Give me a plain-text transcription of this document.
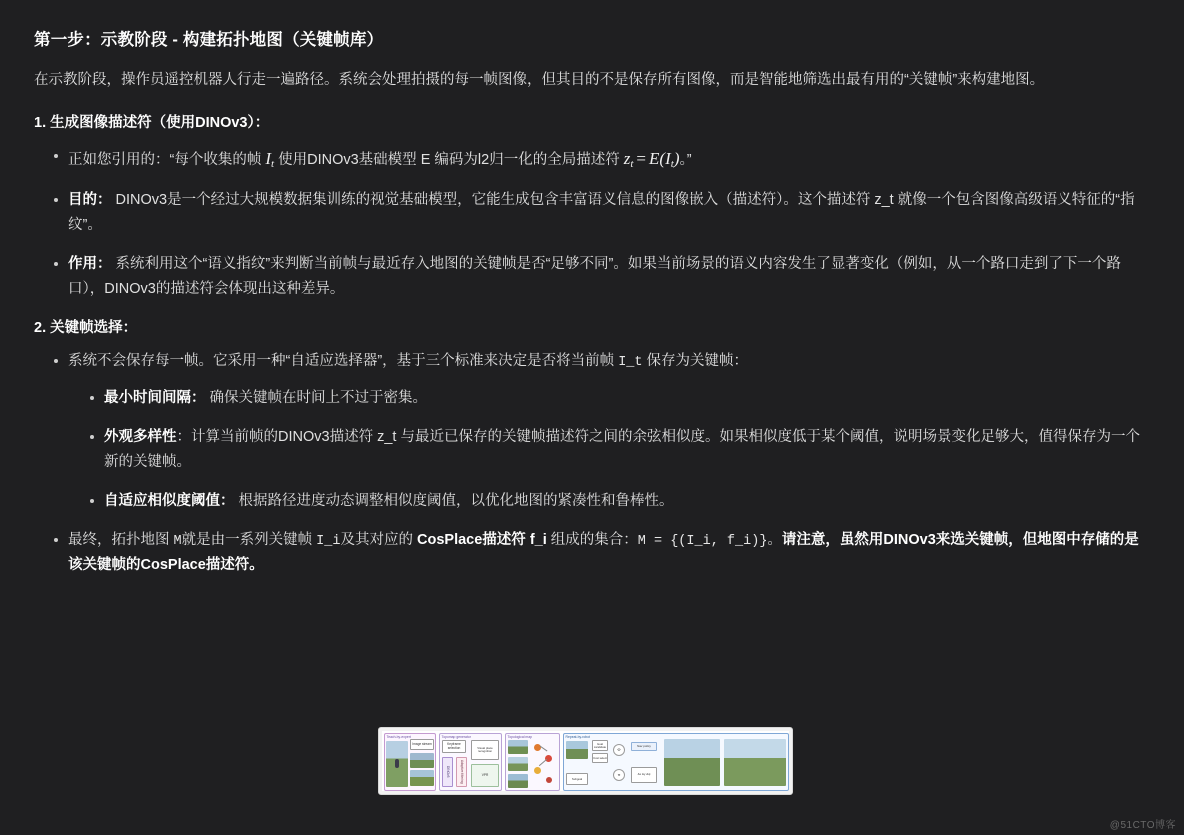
第一步：示教阶段 - 构建拓扑地图（关键帧库）

在示教阶段，操作员遥控机器人行走一遍路径。系统会处理拍摄的每一帧图像，但其目的不是保存所有图像，而是智能地筛选出最有用的“关键帧”来构建地图。

1. 生成图像描述符（使用DINOv3）：
正如您引用的：“每个收集的帧 It 使用DINOv3基础模型 E 编码为l2归一化的全局描述符 zt = E(It)。”
目的： DINOv3是一个经过大规模数据集训练的视觉基础模型，它能生成包含丰富语义信息的图像嵌入（描述符）。这个描述符 z_t 就像一个包含图像高级语义特征的“指纹”。
作用： 系统利用这个“语义指纹”来判断当前帧与最近存入地图的关键帧是否“足够不同”。如果当前场景的语义内容发生了显著变化（例如，从一个路口走到了下一个路口），DINOv3的描述符会体现出这种差异。
2. 关键帧选择：
系统不会保存每一帧。它采用一种“自适应选择器”，基于三个标准来决定是否将当前帧 I_t 保存为关键帧：
最小时间间隔： 确保关键帧在时间上不过于密集。
外观多样性：计算当前帧的DINOv3描述符 z_t 与最近已保存的关键帧描述符之间的余弦相似度。如果相似度低于某个阈值，说明场景变化足够大，值得保存为一个新的关键帧。
自适应相似度阈值： 根据路径进度动态调整相似度阈值，以优化地图的紧凑性和鲁棒性。
最终，拓扑地图 M就是由一系列关键帧 I_i及其对应的 CosPlace描述符 f_i 组成的集合：M = {(I_i, f_i)}。请注意，虽然用DINOv3来选关键帧，但地图中存储的是该关键帧的CosPlace描述符。
Teach-by-expert
Image stream
Topomap generator
Keyframe selection
DINOv3	Adaptive filtering
Visual place recognition
VPR
Topological map	Repeat-by-robot
Goal candidate
Cost select
Subgoal
Φ
π
Nav policy
Δx Δy Δψ
@51CTO博客
